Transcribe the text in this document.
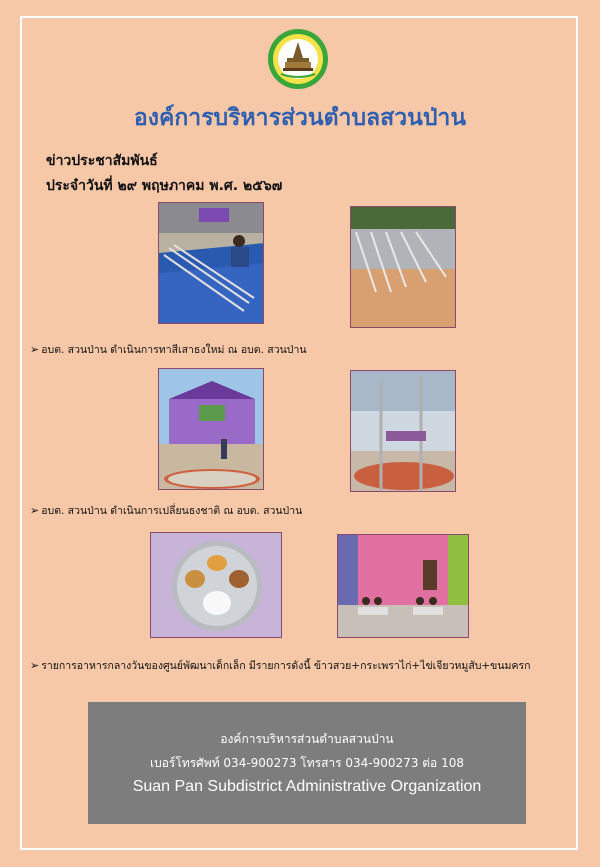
องค์การบริหารส่วนตำบลสวนป่าน
ข่าวประชาสัมพันธ์
ประจำวันที่ ๒๙ พฤษภาคม พ.ศ. ๒๕๖๗
➢ อบต. สวนป่าน ดำเนินการทาสีเสาธงใหม่ ณ อบต. สวนป่าน
➢ อบต. สวนป่าน ดำเนินการเปลี่ยนธงชาติ ณ อบต. สวนป่าน
➢ รายการอาหารกลางวันของศูนย์พัฒนาเด็กเล็ก มีรายการดังนี้ ข้าวสวย+กระเพราไก่+ไข่เจียวหมูสับ+ขนมครก
องค์การบริหารส่วนตำบลสวนป่าน
เบอร์โทรศัพท์ 034-900273 โทรสาร 034-900273 ต่อ 108
Suan Pan Subdistrict Administrative Organization
